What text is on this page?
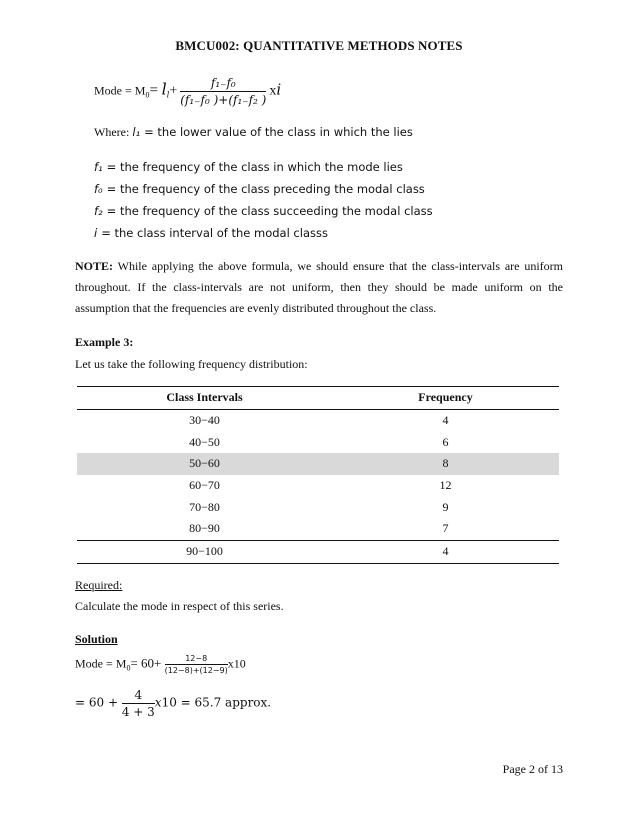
BMCU002: QUANTITATIVE METHODS NOTES
Mode = $M_0= l_l+ \frac{\text{f₁₋f₀}}{\text{(f₁₋f₀ )+(f₁₋f₂ )}}$ xi
Where: l₁ = the lower value of the class in which the lies
f₁ = the frequency of the class in which the mode lies
f₀ = the frequency of the class preceding the modal class
f₂ = the frequency of the class succeeding the modal class
i = the class interval of the modal classs
NOTE: While applying the above formula, we should ensure that the class-intervals are uniform throughout. If the class-intervals are not uniform, then they should be made uniform on the assumption that the frequencies are evenly distributed throughout the class.
Example 3:
Let us take the following frequency distribution:
Class Intervals	Frequency
30−40	4
40−50	6
50−60	8
60−70	12
70−80	9
80−90	7
90−100	4
Required:
Calculate the mode in respect of this series.
Solution
Mode = $M_0= 60+ \frac{12-8}{(12-8)+(12-9)} x10$
= $60 + \frac{4}{4 + 3} x10 = 65.7$ approx.
Page 2 of 13
